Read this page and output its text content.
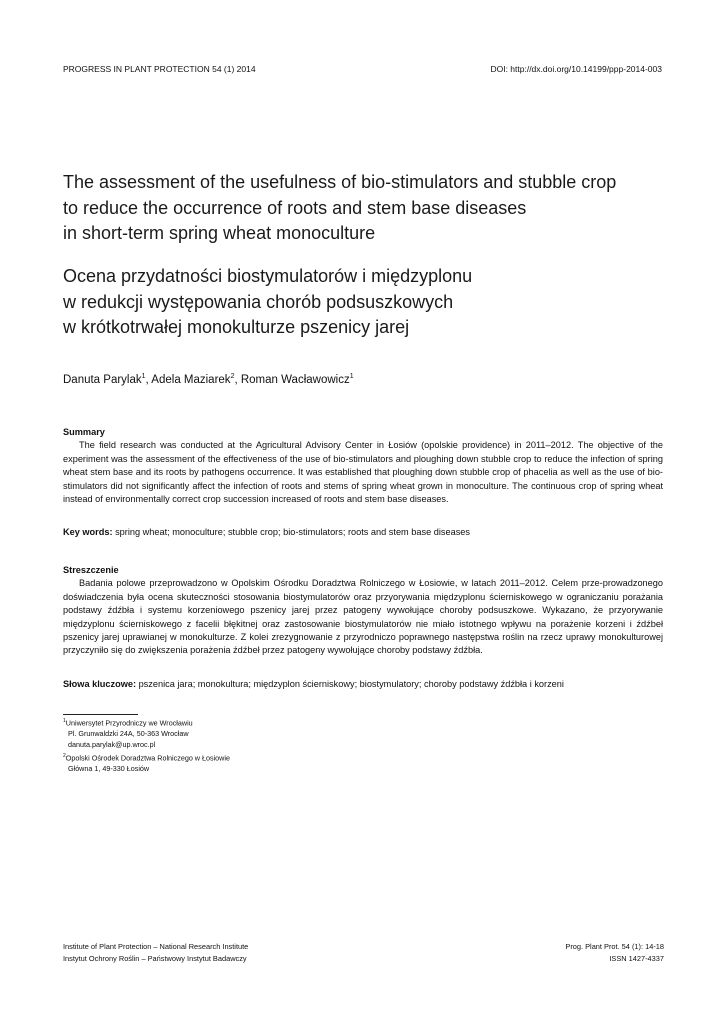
PROGRESS IN PLANT PROTECTION 54 (1) 2014	DOI: http://dx.doi.org/10.14199/ppp-2014-003
The assessment of the usefulness of bio-stimulators and stubble crop
to reduce the occurrence of roots and stem base diseases
in short-term spring wheat monoculture
Ocena przydatności biostymulatorów i międzyplonu
w redukcji występowania chorób podsuszkowych
w krótkotrwałej monokulturze pszenicy jarej
Danuta Parylak$^1$, Adela Maziarek$^2$, Roman Wacławowicz$^1$
Summary

The field research was conducted at the Agricultural Advisory Center in Łosiów (opolskie providence) in 2011–2012. The objective of the experiment was the assessment of the effectiveness of the use of bio-stimulators and ploughing down stubble crop to reduce the infection of spring wheat stem base and its roots by pathogens occurrence. It was established that ploughing down stubble crop of phacelia as well as the use of bio-stimulators did not significantly affect the infection of roots and stems of spring wheat grown in monoculture. The continuous crop of spring wheat instead of environmentally correct crop succession increased of roots and stem base diseases.

Key words: spring wheat; monoculture; stubble crop; bio-stimulators; roots and stem base diseases
Streszczenie

Badania polowe przeprowadzono w Opolskim Ośrodku Doradztwa Rolniczego w Łosiowie, w latach 2011–2012. Celem prze-prowadzonego doświadczenia była ocena skuteczności stosowania biostymulatorów oraz przyorywania międzyplonu ścierniskowego w ograniczaniu porażania podstawy źdźbła i systemu korzeniowego pszenicy jarej przez patogeny wywołujące choroby podsuszkowe. Wykazano, że przyorywanie międzyplonu ścierniskowego z facelii błękitnej oraz zastosowanie biostymulatorów nie miało istotnego wpływu na porażenie korzeni i źdźbeł pszenicy jarej uprawianej w monokulturze. Z kolei zrezygnowanie z przyrodniczo poprawnego następstwa roślin na rzecz uprawy monokulturowej przyczyniło się do zwiększenia porażenia źdźbeł przez patogeny wywołujące choroby podstawy źdźbła.

Słowa kluczowe: pszenica jara; monokultura; międzyplon ścierniskowy; biostymulatory; choroby podstawy źdźbła i korzeni
$^1$Uniwersytet Przyrodniczy we Wrocławiu
Pl. Grunwaldzki 24A, 50-363 Wrocław
danuta.parylak@up.wroc.pl
$^2$Opolski Ośrodek Doradztwa Rolniczego w Łosiowie
Główna 1, 49-330 Łosiów
Institute of Plant Protection – National Research Institute
Instytut Ochrony Roślin – Państwowy Instytut Badawczy
Prog. Plant Prot. 54 (1): 14-18
ISSN 1427-4337
